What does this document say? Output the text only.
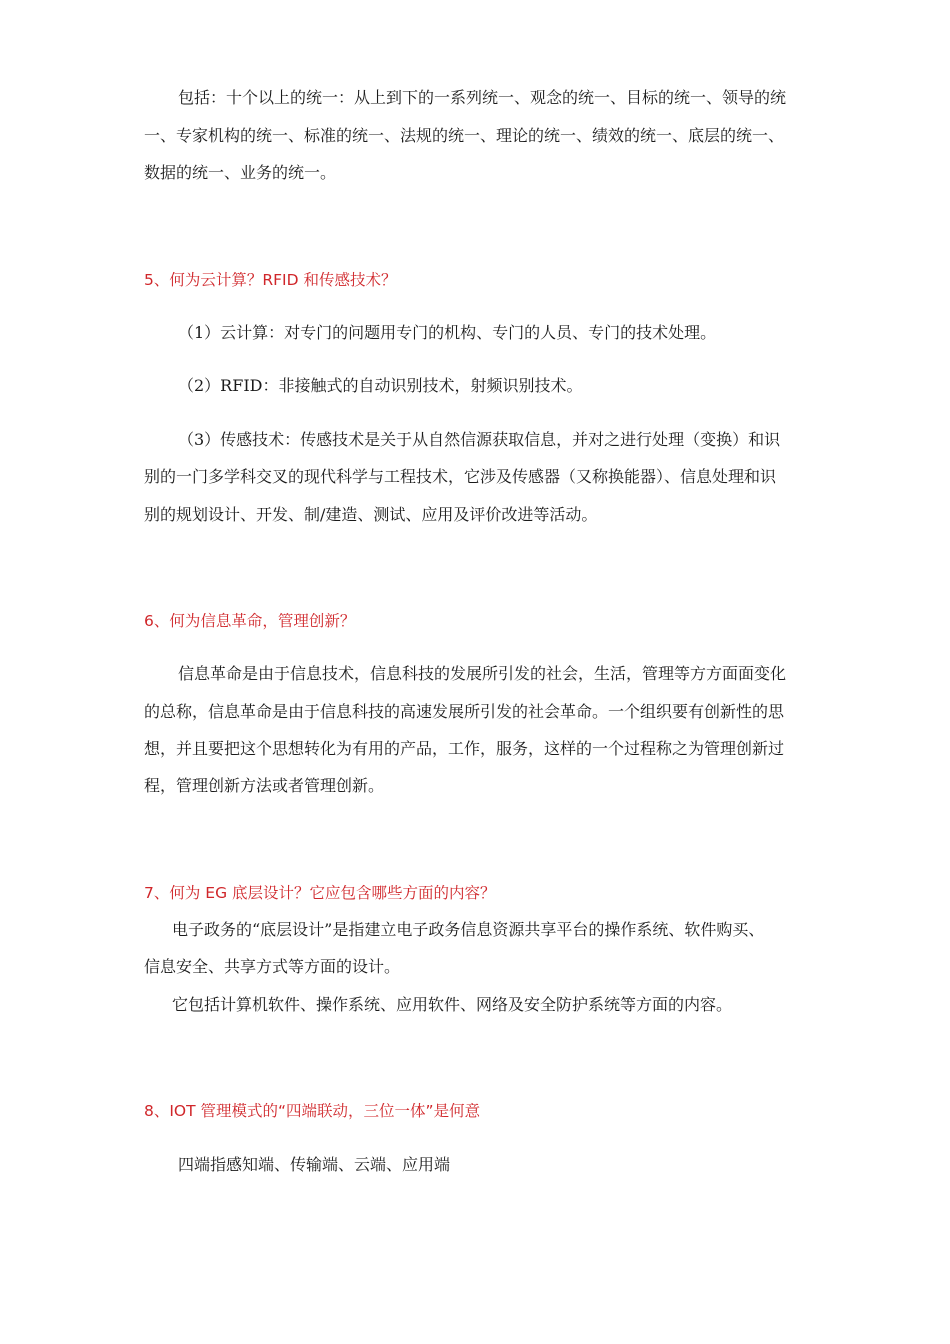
包括：十个以上的统一：从上到下的一系列统一、观念的统一、目标的统一、领导的统
一、专家机构的统一、标准的统一、法规的统一、理论的统一、绩效的统一、底层的统一、
数据的统一、业务的统一。
5、何为云计算？RFID 和传感技术？
（1）云计算：对专门的问题用专门的机构、专门的人员、专门的技术处理。
（2）RFID：非接触式的自动识别技术，射频识别技术。
（3）传感技术：传感技术是关于从自然信源获取信息，并对之进行处理（变换）和识
别的一门多学科交叉的现代科学与工程技术，它涉及传感器（又称换能器）、信息处理和识
别的规划设计、开发、制/建造、测试、应用及评价改进等活动。
6、何为信息革命，管理创新？
信息革命是由于信息技术，信息科技的发展所引发的社会，生活，管理等方方面面变化
的总称，信息革命是由于信息科技的高速发展所引发的社会革命。一个组织要有创新性的思
想，并且要把这个思想转化为有用的产品，工作，服务，这样的一个过程称之为管理创新过
程，管理创新方法或者管理创新。
7、何为 EG 底层设计？它应包含哪些方面的内容？
电子政务的“底层设计”是指建立电子政务信息资源共享平台的操作系统、软件购买、
信息安全、共享方式等方面的设计。
它包括计算机软件、操作系统、应用软件、网络及安全防护系统等方面的内容。
8、IOT 管理模式的“四端联动，三位一体”是何意
四端指感知端、传输端、云端、应用端
